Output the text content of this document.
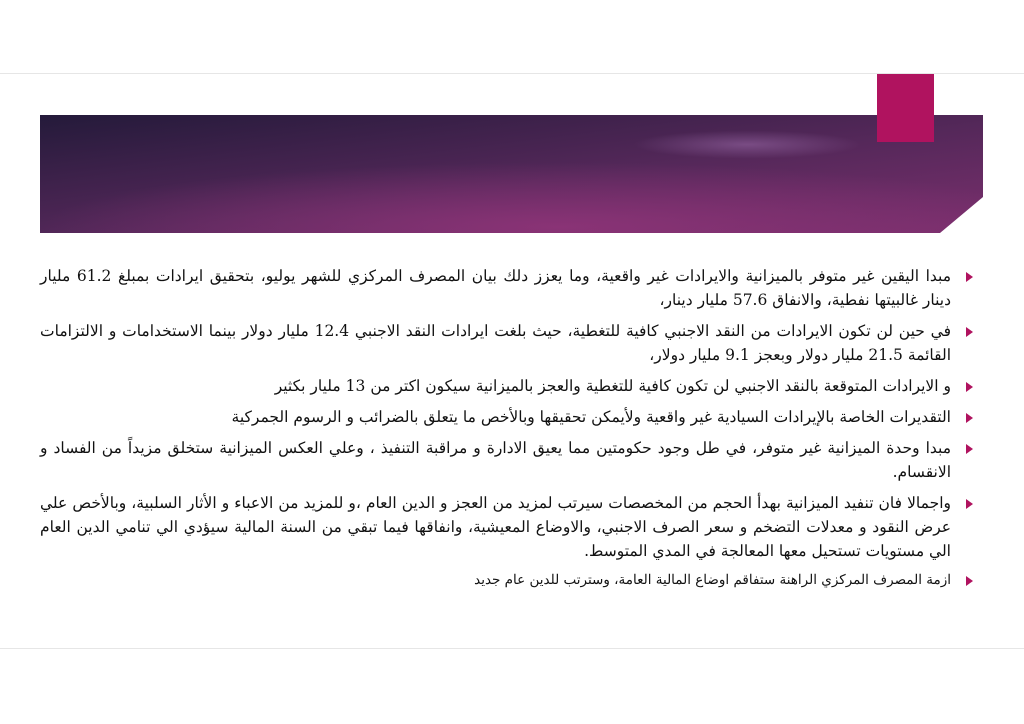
مبدا اليقين غير متوفر بالميزانية والايرادات غير واقعية، وما يعزز دلك بيان المصرف المركزي للشهر يوليو، بتحقيق ايرادات بمبلغ 61.2 مليار دينار غالبيتها نفطية، والانفاق 57.6 مليار دينار،

في حين لن تكون الايرادات من النقد الاجنبي كافية للتغطية، حيث بلغت ايرادات النقد الاجنبي 12.4 مليار دولار بينما الاستخدامات و الالتزامات القائمة 21.5 مليار دولار وبعجز 9.1 مليار دولار،

و الايرادات المتوقعة بالنقد الاجنبي لن تكون كافية للتغطية والعجز بالميزانية سيكون اكتر من 13 مليار بكثير

التقديرات الخاصة بالإيرادات السيادية غير واقعية ولأيمكن تحقيقها وبالأخص ما يتعلق بالضرائب و الرسوم الجمركية

مبدا وحدة الميزانية غير متوفر، في طل وجود حكومتين مما يعيق الادارة و مراقبة التنفيذ ، وعلي العكس الميزانية ستخلق مزيداً من الفساد و الانقسام.

واجمالا فان تنفيد الميزانية بهدأ الحجم من المخصصات سيرتب لمزيد من العجز و الدين العام ،و للمزيد من الاعباء و الأثار السلبية، وبالأخص علي عرض النقود و معدلات التضخم و سعر الصرف الاجنبي، والاوضاع المعيشية، وانفاقها فيما تبقي من السنة المالية سيؤدي الي تنامي الدين العام الي مستويات تستحيل معها المعالجة في المدي المتوسط.

ازمة المصرف المركزي الراهنة ستفاقم اوضاع المالية العامة، وسترتب للدين عام جديد
